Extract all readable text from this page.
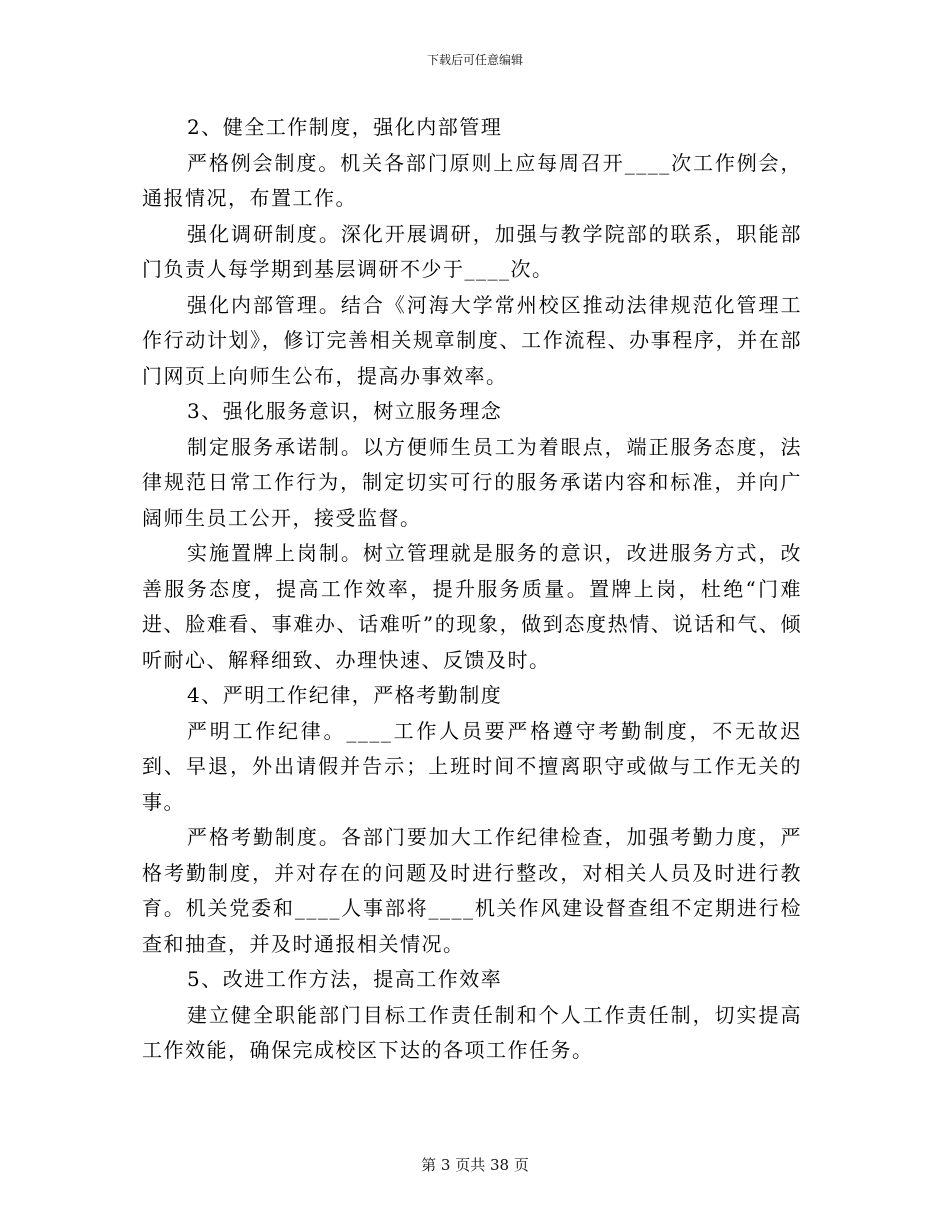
下载后可任意编辑

2、健全工作制度，强化内部管理

严格例会制度。机关各部门原则上应每周召开____次工作例会，通报情况，布置工作。

强化调研制度。深化开展调研，加强与教学院部的联系，职能部门负责人每学期到基层调研不少于____次。

强化内部管理。结合《河海大学常州校区推动法律规范化管理工作行动计划》，修订完善相关规章制度、工作流程、办事程序，并在部门网页上向师生公布，提高办事效率。

3、强化服务意识，树立服务理念

制定服务承诺制。以方便师生员工为着眼点，端正服务态度，法律规范日常工作行为，制定切实可行的服务承诺内容和标准，并向广阔师生员工公开，接受监督。

实施置牌上岗制。树立管理就是服务的意识，改进服务方式，改善服务态度，提高工作效率，提升服务质量。置牌上岗，杜绝“门难进、脸难看、事难办、话难听”的现象，做到态度热情、说话和气、倾听耐心、解释细致、办理快速、反馈及时。

4、严明工作纪律，严格考勤制度

严明工作纪律。____工作人员要严格遵守考勤制度，不无故迟到、早退，外出请假并告示；上班时间不擅离职守或做与工作无关的事。

严格考勤制度。各部门要加大工作纪律检查，加强考勤力度，严格考勤制度，并对存在的问题及时进行整改，对相关人员及时进行教育。机关党委和____人事部将____机关作风建设督查组不定期进行检查和抽查，并及时通报相关情况。

5、改进工作方法，提高工作效率

建立健全职能部门目标工作责任制和个人工作责任制，切实提高工作效能，确保完成校区下达的各项工作任务。

第 3 页共 38 页
